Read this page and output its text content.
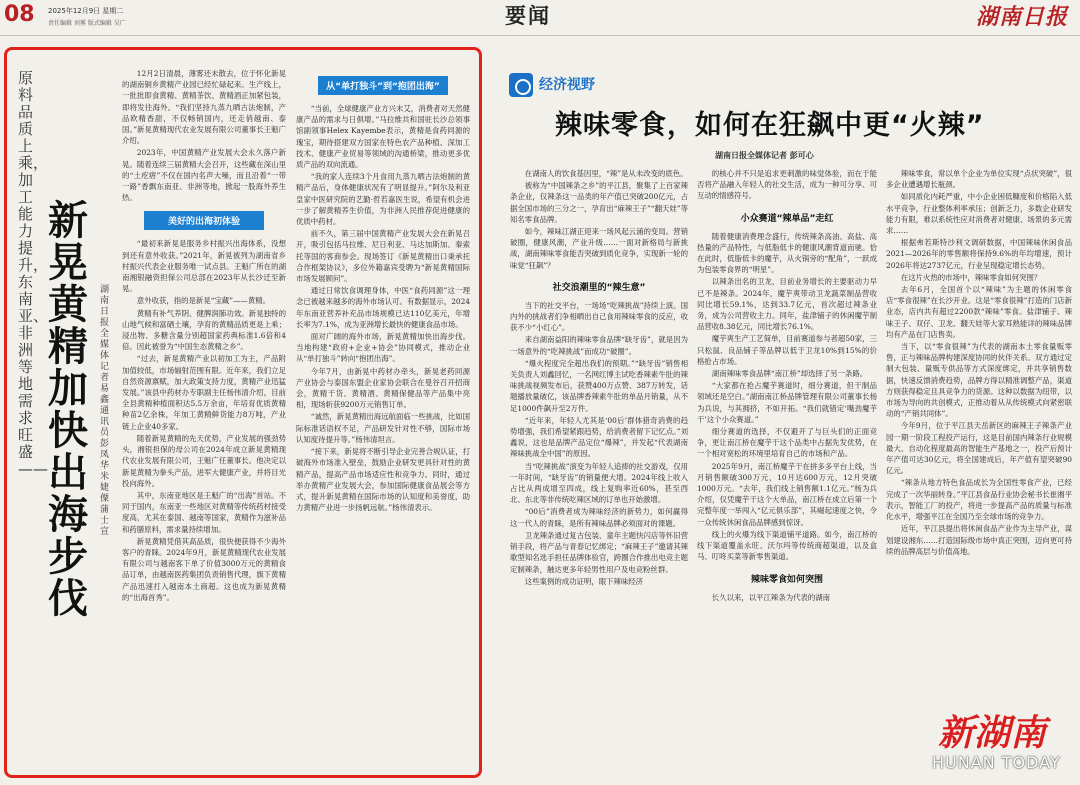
08 2025年12月9日 星期二
责任编辑 刘雾 版式编辑 吴广	要闻	湖南日报
原料品质上乘，加工能力提升，东南亚、非洲等地需求旺盛——
新晃黄精加快出海步伐
湖南日报全媒体记者 易鑫 通讯员 彭凤华 米婕傈 蒲士宣

12月2日清晨，薄雾还未散去，位于怀化新晃的湖南铜乡黄精产业园已经忙碌起来。生产线上，一批批即食黄精、黄精茶饮、黄精酒正加紧包装，即将发往海外。“我们坚持九蒸九晒古法炮制，产品欧精香甜，不仅畅销国内，还走俏越南、泰国。”新晃黄精现代农业发展有限公司董事长王魁广介绍。

2023年，中国黄精产业发展大会永久落户新晃。随着连续三届黄精大会召开，这些藏在深山里的“土疙瘩”不仅在国内名声大噪，而且沿着“一带一路”香飘东南亚、非洲等地，掀起一股海外养生热。

美好的出海初体验

“最初来新晃是服务乡村振兴出海体系，没想到还有意外收获。”2021年，新晃被列为湖南省乡村振兴代表企业服务唯一试点县。王魁广所在的湖南湘银融资担保公司总部在2023年从长沙迁至新晃。

意外收获，指的是新晃“宝藏”——黄精。

黄精有补气养阴、健脾润肺功效。新晃独特的山地气候和富硒土壤，孕育的黄精品质更是上乘；浸出物、多糖含量分别超国家药典标准1.6倍和4倍。因此被誉为“中国生态黄精之乡”。

“过去，新晃黄精产业以初加工为主，产品附加值较低，市场辐射范围有限。近年来，我们立足自然资源禀赋，加大政策支持力度，黄精产业迅猛发展。”该县中药材办专职副主任杨伟清介绍，目前全县黄精种植面积达5.5万余亩，年培育优质黄精种苗2亿余株，年加工黄精鲜货能力8万吨，产业链上企业40多家。

随着新晃黄精的先天优势，产业发展的强劲势头，湘银担保的母公司在2024年成立新晃黄精现代农业发展有限公司，王魁广任董事长。他决定以新晃黄精为拳头产品，进军大健康产业，并将目光投向海外。

其中，东南亚地区是王魁广的“出海”首站。不同于国内，东南亚一些地区对黄精等传统药材接受度高，尤其在泰国、越南等国家，黄精作为滋补品和药膳原料，需求量持续增加。

新晃黄精凭借其高品质，很快便获得不少海外客户的青睐。2024年9月，新晃黄精现代农业发展有限公司与越南客下单了价值3000万元的黄精食品订单，由越南医药集团负责销售代理，旗下黄精产品迅速打入越南本土商超。这也成为新晃黄精的“出海首秀”。

从“单打独斗”到“抱团出海”

“当前，全球健康产业方兴未艾，消费者对天然健康产品的需求与日俱增。”马拉维共和国驻长沙总领事馆副领事Helex Kayembe表示，黄精是食药同源的瑰宝，期待搭建双方国家在特色农产品种植、深加工技术、健康产业贸易等领域的沟通桥梁，推动更多优质产品的双向流通。

“我的家人连续3个月食用九蒸九晒古法炮制的黄精产品后，身体健康状况有了明显提升。”阿尔及利亚皇家中医研究院的艺勤·哲若嘉医生说，希望有机会进一步了解黄精养生价值，为非洲人民推荐促进健康的优质中药材。

前不久，第三届中国黄精产业发展大会在新晃召开，吸引包括马拉维、尼日利亚、马达加斯加、秦索托等国的客商参会。现场签订《新晃黄精出口秉承托合作框架协议》，多位外籍嘉宾受聘为“新晃黄精国际市场发展顾问”。

通过日常饮食调理身体，中医“食药同源”这一理念已被越来越多的海外市场认可。有数据显示，2024年东南亚营养补充品市场规模已达110亿美元，年增长率为7.1%，成为亚洲增长最快的健康食品市场。

面对广阔的海外市场，新晃黄精加快出海步伐。当地构建“政府+企业+协会”协同模式，推动企业从“单打独斗”转向“抱团出海”。

今年7月，由新晃中药材办牵头，新晃老药同源产业协会与泰国东盟企业家协会联合在曼谷召开招商会，黄精干货、黄精酒、黄精保健品等产品集中亮相，现场斩获9200万元销售订单。

“诚然，新晃黄精出海远航面临一些挑战，比如国际标准话语权不足，产品研发针对性不够，国际市场认知度待提升等。”杨伟清坦言。

“接下来，新晃将不断引导企业完善合规认证，打破海外市场准入壁垒，鼓励企业研发更具针对性的黄精产品，提高产品市场适应性和竞争力。同时，通过举办黄精产业发展大会，参加国际健康食品展会等方式，提升新晃黄精在国际市场的认知度和美誉度，助力黄精产业进一步扬帆远航。”杨伟清表示。

经济视野
辣味零食，如何在狂飙中更“火辣”
湖南日报全媒体记者 彭可心

在湖南人的饮食基因里，“辣”是从未改变的底色。

被称为“中国辣条之乡”的平江县，聚集了上百家辣条企业，仅辣条这一品类的年产值已突破200亿元，占据全国市场的三分之一，孕育出“麻辣王子”“翻天娃”等知名零食品牌。

如今，辣味江湖正迎来一场风起云涌的变局。营销破圈，健康风潮，产业升级……一面对新格局与新挑战，湖南辣味零食能否突破到质化竞争，实现新一轮的味觉“狂飙”？

社交浪潮里的“辣生意”

当下的社交平台，一场场“吃辣挑战”持续上演。国内外的挑战者们争相晒出自己食用辣味零食的反应，收获不少“小红心”。

来自湖南益阳的辣味零食品牌“缺牙齿”，就是因为一场意外的“吃辣挑战”而成功“破圈”。

“爆火程度完全超出我们的预期。”“缺牙齿”销售相关负责人刘鑫回忆，一名网红博主试吃香辣素牛肚的辣味挑战视频发布后，获赞400万点赞、387万转发，话题播放量破亿，该品牌香辣素牛肚的单品月销量，从不足1000件飙升至2万件。

“近年来，年轻人尤其是‘00后’群体猎奇消费的趋势增强，我们希望紧跟趋势，给消费者留下记忆点。”刘鑫说，这也是品牌产品定位“爆辣”，并发起“代表湖南辣味挑战全中国”的原因。

当“吃辣挑战”演变为年轻人追捧的社交游戏，仅用一年时间，“缺牙齿”的销量便大增。2024年线上收入占比从两成增至四成，线上复购率近60%，甚至西北、东北等非传统吃辣区域的订单也开始激增。

“00后”消费者成为辣味经济的新势力，如何赢得这一代人的青睐，是所有辣味品牌必须面对的课题。

卫龙辣条通过复古包装、童年主题快闪店等怀旧营销手段，将产品与青春记忆绑定；“麻辣王子”邀请其辣歌型知名选手担任品牌体验官，跨圈合作推出电竞主题定制辣条，触达更多年轻男性用户及电竞粉丝群。

这些案例的成功证明，眼下辣味经济

的核心并不只是追求更刺激的味觉体验，而在于能否将产品融入年轻人的社交生活，成为一种可分享、可互动的情感符号。

小众赛道“辣单品”走红

随着健康消费理念盛行，传统辣条高油、高盐、高热量的产品特性，与低脂低卡的健康风潮背道而驰。恰在此时，低脂低卡的魔芋，从火锅旁的“配角”，一跃成为包装零食界的“明星”。

以辣条出名的卫龙，目前业务增长的主要驱动力早已不是辣条。2024年，魔芋爽带动卫龙蔬菜制品营收同比增长59.1%，达到33.7亿元，首次超过辣条业务，成为公司营收主力。同年，盐津铺子的休闲魔芋制品营收8.38亿元，同比增长76.1%。

魔芋爽生产工艺简单，目前赛道参与者超50家，三只松鼠、良品铺子等品牌以低于卫龙10%到15%的价格抢占市场。

湖南辣味零食品牌“南江桥”却选择了另一条路。

“大家都在抢占魔芋赛道时，细分赛道，但干制品领域还是空白。”湖南南江桥品牌管理有限公司董事长杨为兵说，与其拥挤，不如开拓。“我们就错定‘嘴劲魔芋干’这个小众赛道。”

细分赛道的选择，不仅避开了与巨头们的正面竞争，更让南江桥在魔芋干这个品类中占据先发优势，在一个相对宽松的环境里培育自己的市场和产品。

2025年9月，南江桥魔芋干在拼多多平台上线，当月销售额破300万元，10月达600万元，12月突破1000万元。“去年，我们线上销售额1.1亿元。”杨为兵介绍，仅凭魔芋干这个大单品，南江桥在成立后第一个完整年度一举闯入“亿元俱乐部”，其崛起速度之快，令一众传统休闲食品品牌感到惊讶。

线上的火爆为线下渠道铺平道路。如今，南江桥的线下渠道覆盖永旺、沃尔玛等传统商超渠道，以及盒马、叮咚买菜等新零售渠道。

辣味零食如何突围

长久以来，以平江辣条为代表的湖南

辣味零食，常以单个企业为单位实现“点状突破”，很多企业遭遇增长瓶颈。

如同质化内耗严重，中小企业困低糠度和价格陷入低水平竞争，行业整体利率承压；创新乏力，多数企业研发能力有限，难以系统性应对消费者对健康、场景的多元需求……

根据弗若斯特沙利文调研数据，中国辣味休闲食品2021—2026年的零售额将保持9.6%的年均增速，预计2026年将达2737亿元，行业呈现稳定增长态势。

在这片火热的市场中，辣味零食如何突围？

去年6月，全国首个以“辣味”为主题的休闲零食店“零食很辣”在长沙开业。这是“零食很辣”打造的门店新业态，店内共有超过2200款“辣味”零食。盐津铺子、辣味王子、双仔、卫龙、翻天娃等大家耳熟能详的辣味品牌均有产品在门店售卖。

当下，以“零食很辣”为代表的湖南本土零食量贩零售，正与辣味品牌构建深度协同的伙伴关系。双方通过定制大包装、量贩专供品等方式深度绑定，并共享销售数据，快速反馈消费趋势，品牌方得以精准调整产品，渠道方则获得稳定且具竞争力的货源。这种以数据为纽带，以市场为导向的共创模式，正推动着从从传统模式向紧密联动的“产销共同体”。

今年9月，位于平江县天岳新区的麻辣王子辣条产业园一期一阶段工程投产运行，这是目前国内辣条行业规模最大、自动化程度最高的智能生产基地之一，投产后预计年产值可达30亿元，将全国建成后，年产值有望突破90亿元。

“辣条从地方特色食品成长为全国性零食产业，已经完成了一次华丽转身。”平江县食品行业协会秘书长崔湘平表示，智能工厂的投产，将进一步提高产品的质量与标准化水平，增强平江在全国乃至全球市场的竞争力。

近年，平江县提出将休闲食品产业作为主导产业，谋划建设湘东……打造国际级市场中真正突围，迈向更可持续的品牌高层与价值高地。

新湖南
HUNAN TODAY
